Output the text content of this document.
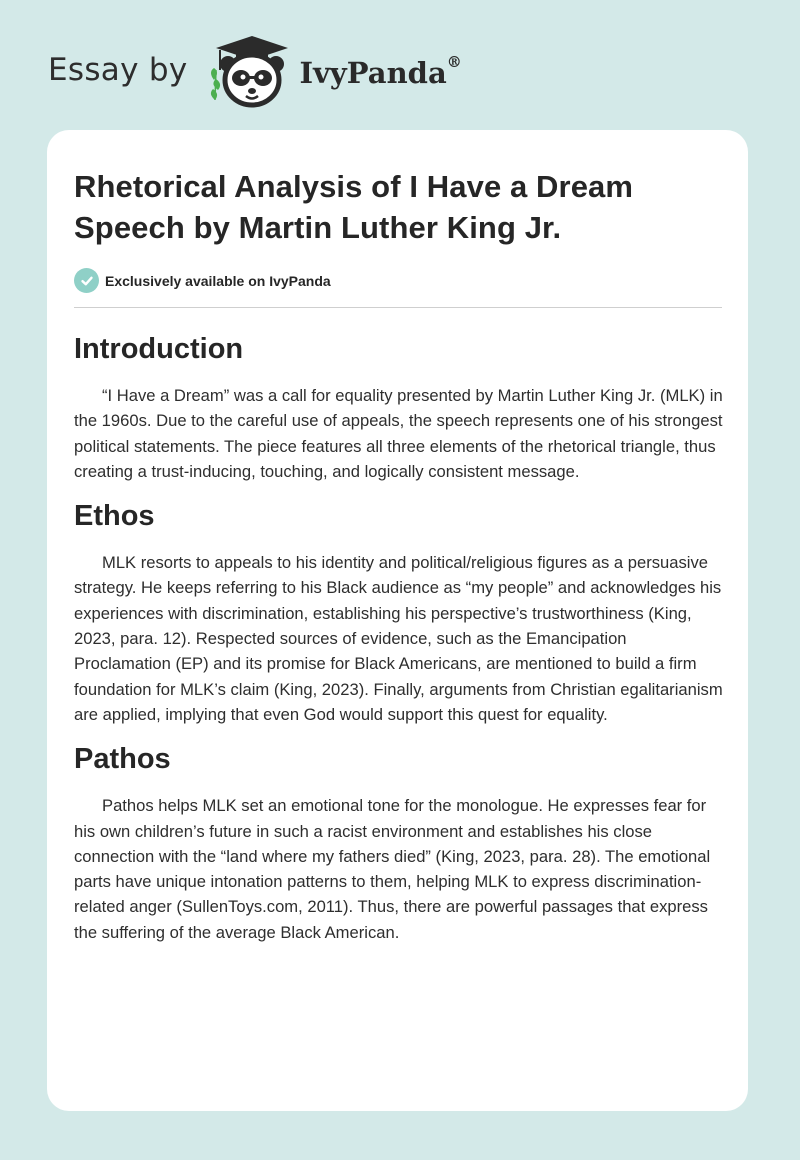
Essay by	IvyPanda®
Rhetorical Analysis of I Have a Dream
Speech by Martin Luther King Jr.
Exclusively available on IvyPanda
Introduction

“I Have a Dream” was a call for equality presented by Martin Luther King Jr. (MLK) in the 1960s. Due to the careful use of appeals, the speech represents one of his strongest political statements. The piece features all three elements of the rhetorical triangle, thus creating a trust-inducing, touching, and logically consistent message.

Ethos

MLK resorts to appeals to his identity and political/religious figures as a persuasive strategy. He keeps referring to his Black audience as “my people” and acknowledges his experiences with discrimination, establishing his perspective’s trustworthiness (King, 2023, para. 12). Respected sources of evidence, such as the Emancipation Proclamation (EP) and its promise for Black Americans, are mentioned to build a firm foundation for MLK’s claim (King, 2023). Finally, arguments from Christian egalitarianism are applied, implying that even God would support this quest for equality.

Pathos

Pathos helps MLK set an emotional tone for the monologue. He expresses fear for his own children’s future in such a racist environment and establishes his close connection with the “land where my fathers died” (King, 2023, para. 28). The emotional parts have unique intonation patterns to them, helping MLK to express discrimination-related anger (SullenToys.com, 2011). Thus, there are powerful passages that express the suffering of the average Black American.
